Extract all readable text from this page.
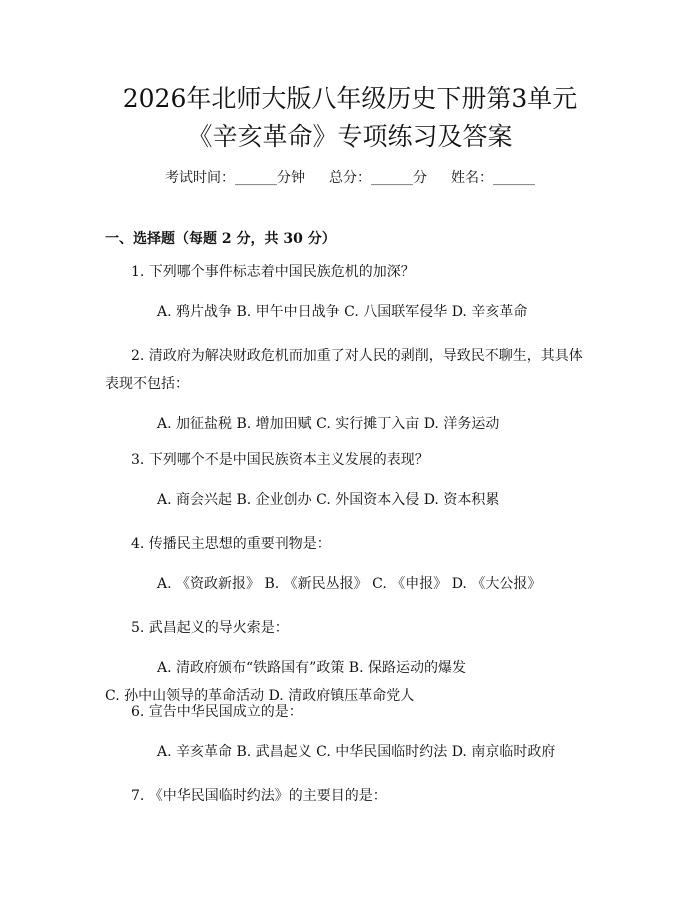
2026年北师大版八年级历史下册第3单元
《辛亥革命》专项练习及答案
考试时间：______分钟 总分：______分 姓名：______
一、选择题（每题 2 分，共 30 分）
1. 下列哪个事件标志着中国民族危机的加深？
A. 鸦片战争 B. 甲午中日战争 C. 八国联军侵华 D. 辛亥革命
2. 清政府为解决财政危机而加重了对人民的剥削，导致民不聊生，其具体表现不包括：
A. 加征盐税 B. 增加田赋 C. 实行摊丁入亩 D. 洋务运动
3. 下列哪个不是中国民族资本主义发展的表现？
A. 商会兴起 B. 企业创办 C. 外国资本入侵 D. 资本积累
4. 传播民主思想的重要刊物是：
A. 《资政新报》 B. 《新民丛报》 C. 《申报》 D. 《大公报》
5. 武昌起义的导火索是：
A. 清政府颁布“铁路国有”政策 B. 保路运动的爆发 C. 孙中山领导的革命活动 D. 清政府镇压革命党人
6. 宣告中华民国成立的是：
A. 辛亥革命 B. 武昌起义 C. 中华民国临时约法 D. 南京临时政府
7. 《中华民国临时约法》的主要目的是：
